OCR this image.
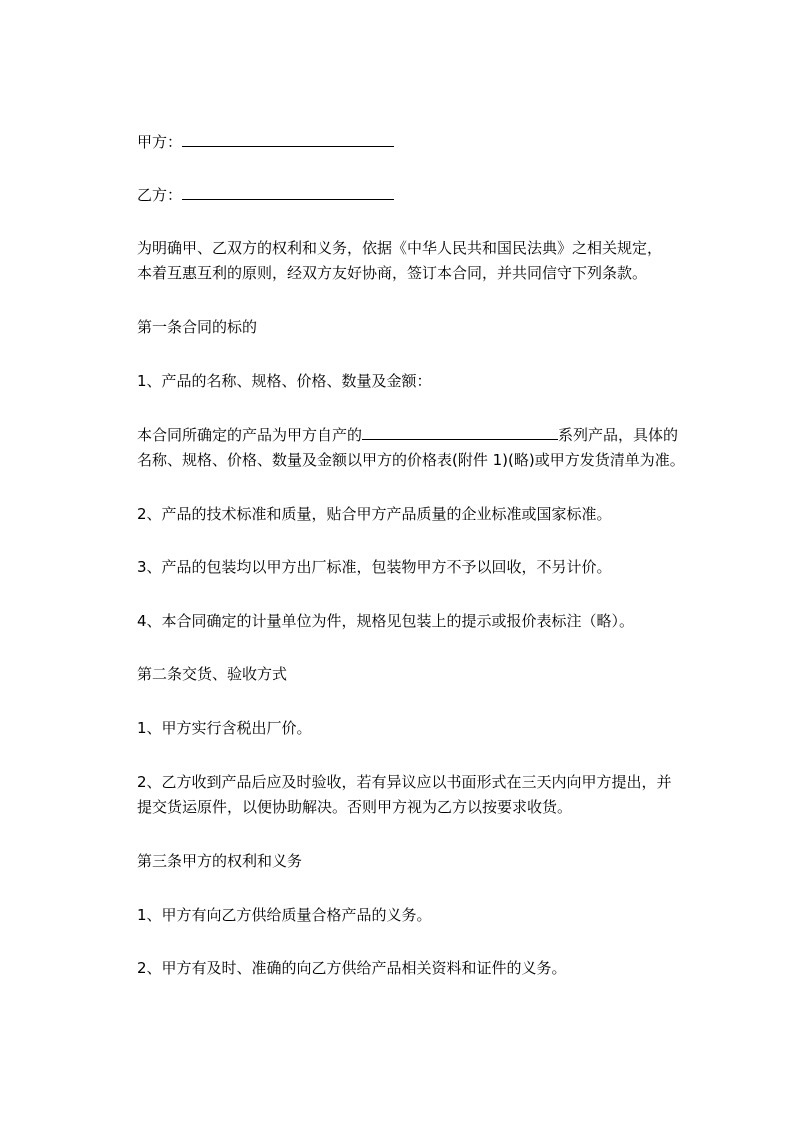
甲方：
乙方：
为明确甲、乙双方的权利和义务，依据《中华人民共和国民法典》之相关规定，
本着互惠互利的原则，经双方友好协商，签订本合同，并共同信守下列条款。
第一条合同的标的
1、产品的名称、规格、价格、数量及金额：
本合同所确定的产品为甲方自产的	系列产品，具体的
名称、规格、价格、数量及金额以甲方的价格表(附件 1)(略)或甲方发货清单为准。
2、产品的技术标准和质量，贴合甲方产品质量的企业标准或国家标准。
3、产品的包装均以甲方出厂标准，包装物甲方不予以回收，不另计价。
4、本合同确定的计量单位为件，规格见包装上的提示或报价表标注（略）。
第二条交货、验收方式
1、甲方实行含税出厂价。
2、乙方收到产品后应及时验收，若有异议应以书面形式在三天内向甲方提出，并
提交货运原件，以便协助解决。否则甲方视为乙方以按要求收货。
第三条甲方的权利和义务
1、甲方有向乙方供给质量合格产品的义务。
2、甲方有及时、准确的向乙方供给产品相关资料和证件的义务。
